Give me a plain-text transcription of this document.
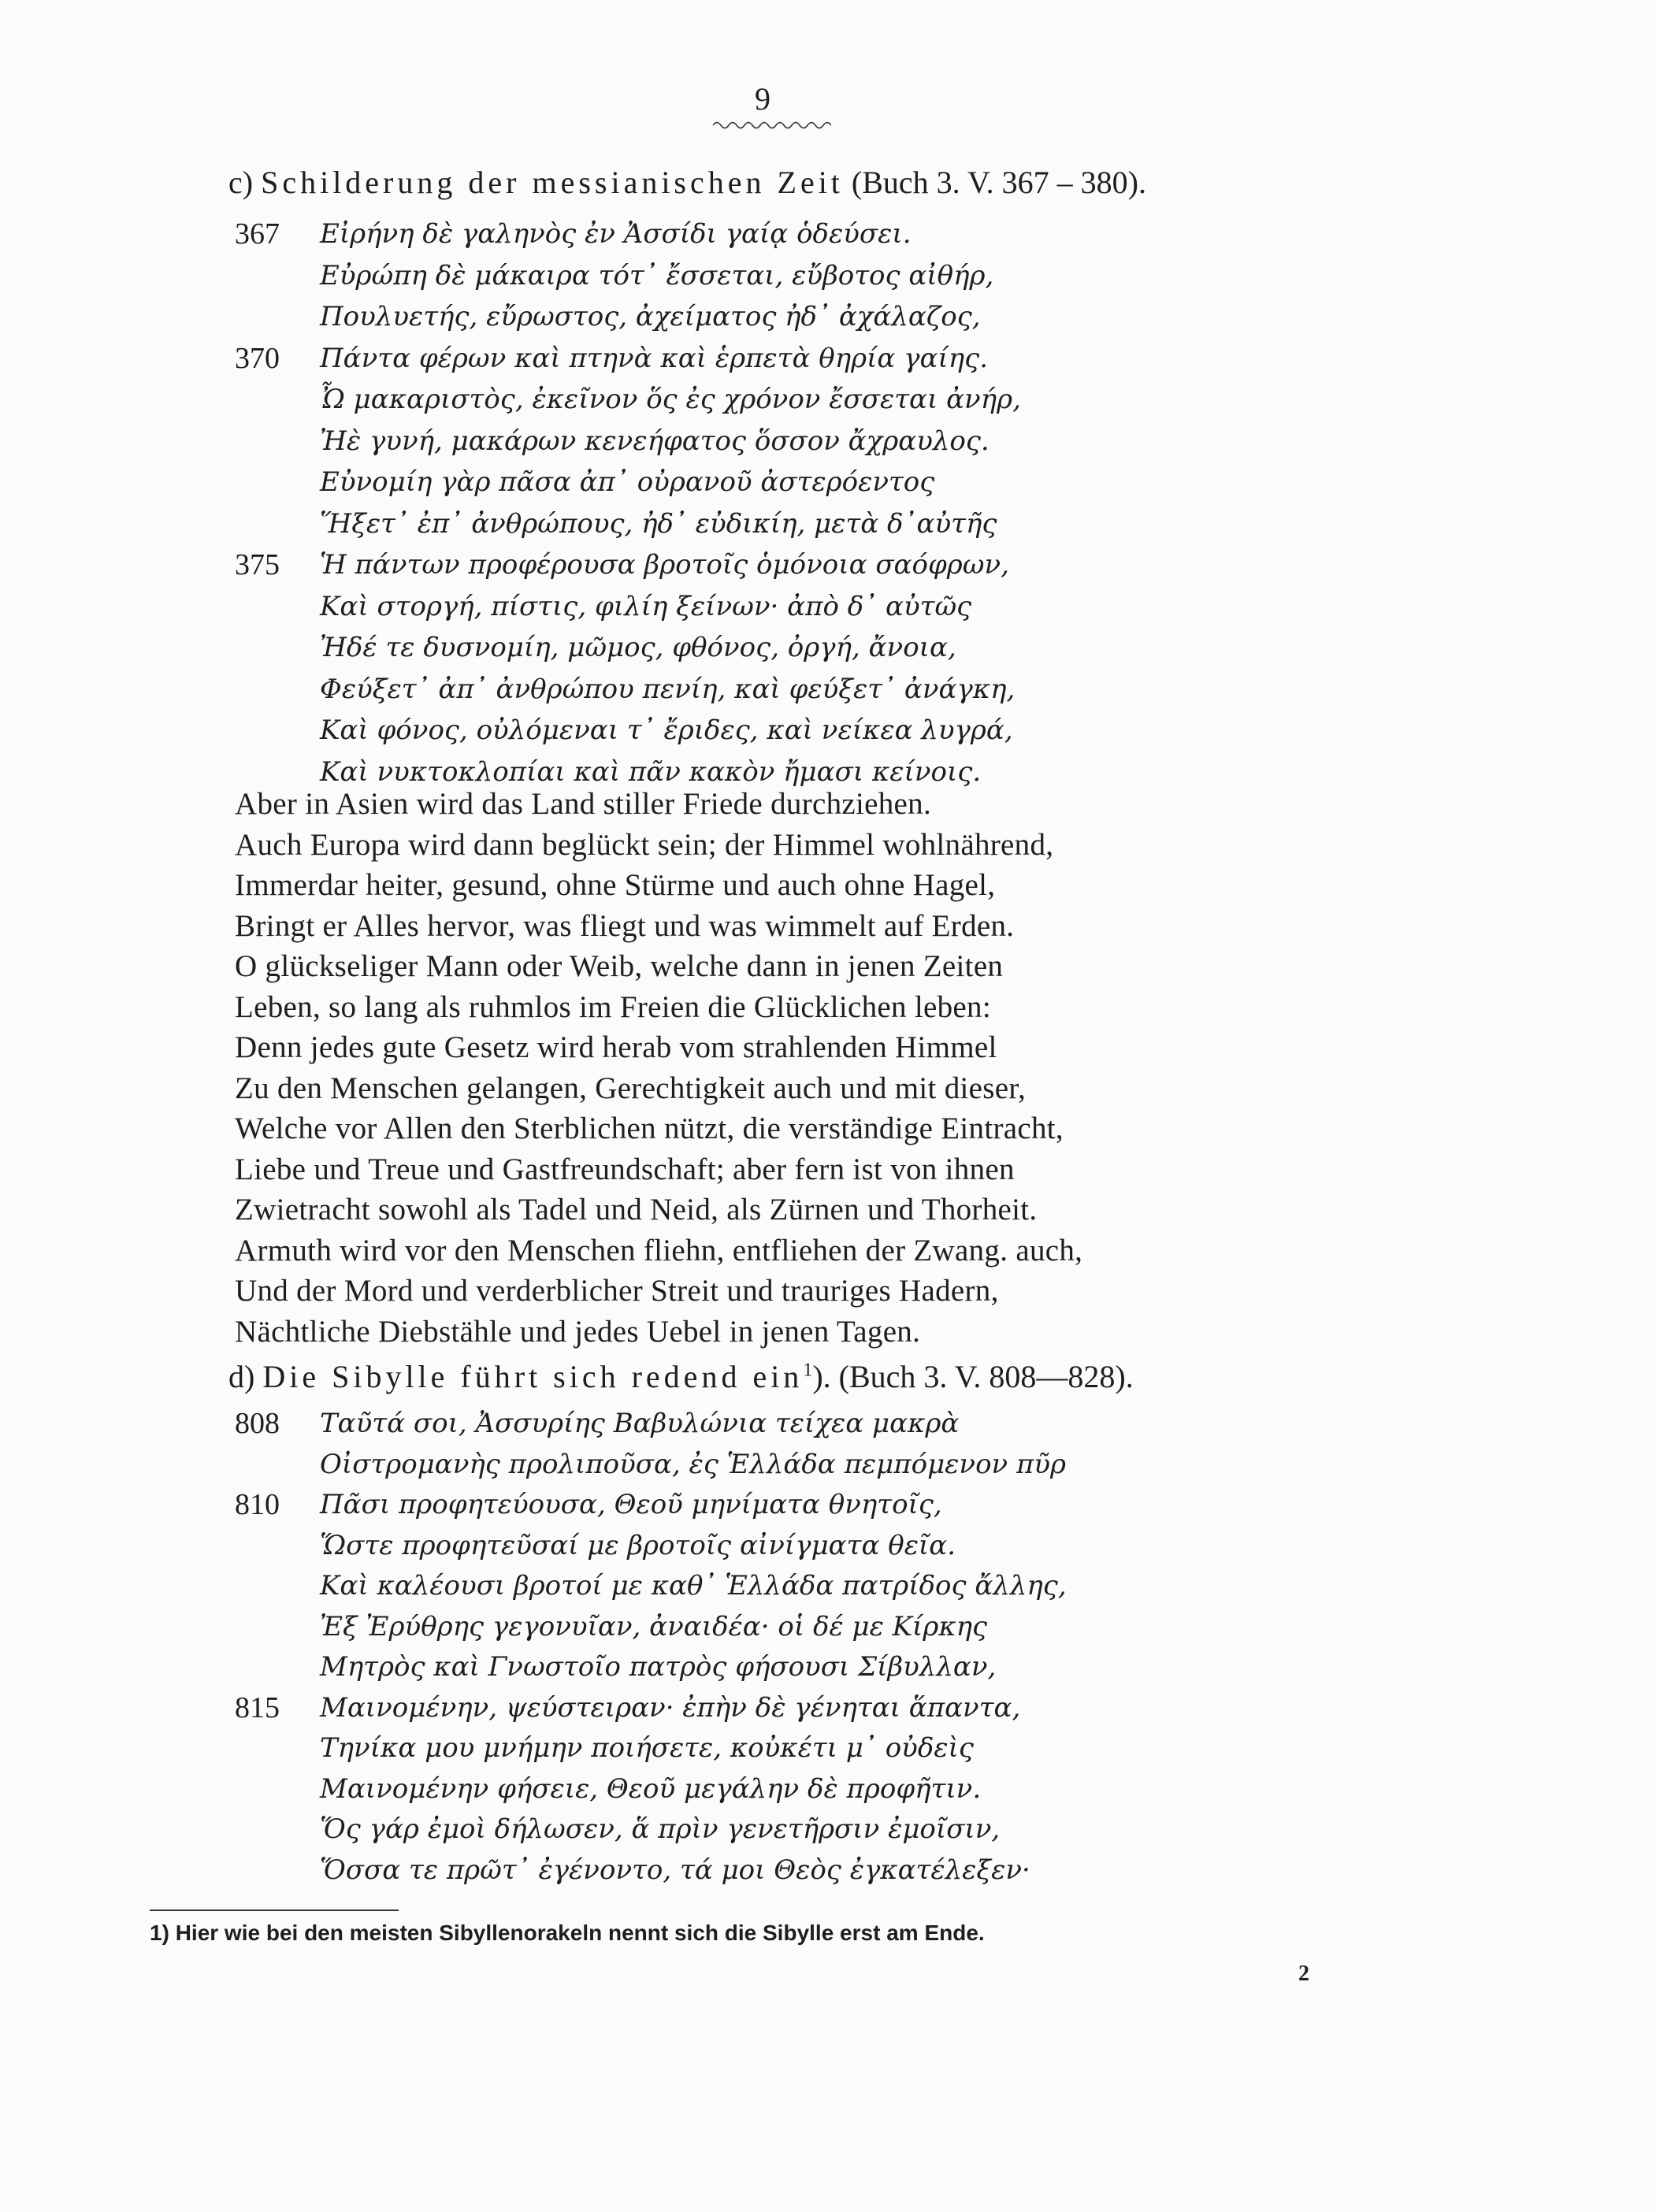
9
c) Schilderung der messianischen Zeit (Buch 3. V. 367 – 380).
367	Εἰρήνη δὲ γαληνὸς ἐν Ἀσσίδι γαίᾳ ὁδεύσει.
Εὐρώπη δὲ μάκαιρα τότ᾽ ἔσσεται, εὔβοτος αἰθήρ,
Πουλυετής, εὔρωστος, ἀχείματος ἠδ᾽ ἀχάλαζος,
370	Πάντα φέρων καὶ πτηνὰ καὶ ἑρπετὰ θηρία γαίης.
Ὦ μακαριστὸς, ἐκεῖνον ὅς ἐς χρόνον ἔσσεται ἀνήρ,
Ἠὲ γυνή, μακάρων κενεήφατος ὅσσον ἄχραυλος.
Εὐνομίη γὰρ πᾶσα ἀπ᾽ οὐρανοῦ ἀστερόεντος
Ἥξετ᾽ ἐπ᾽ ἀνθρώπους, ἠδ᾽ εὐδικίη, μετὰ δ᾽αὐτῆς
375	Ἡ πάντων προφέρουσα βροτοῖς ὁμόνοια σαόφρων,
Καὶ στοργή, πίστις, φιλίη ξείνων· ἀπὸ δ᾽ αὐτῶς
Ἠδέ τε δυσνομίη, μῶμος, φθόνος, ὀργή, ἄνοια,
Φεύξετ᾽ ἀπ᾽ ἀνθρώπου πενίη, καὶ φεύξετ᾽ ἀνάγκη,
Καὶ φόνος, οὐλόμεναι τ᾽ ἔριδες, καὶ νείκεα λυγρά,
Καὶ νυκτοκλοπίαι καὶ πᾶν κακὸν ἤμασι κείνοις.
Aber in Asien wird das Land stiller Friede durchziehen.
Auch Europa wird dann beglückt sein; der Himmel wohlnährend,
Immerdar heiter, gesund, ohne Stürme und auch ohne Hagel,
Bringt er Alles hervor, was fliegt und was wimmelt auf Erden.
O glückseliger Mann oder Weib, welche dann in jenen Zeiten
Leben, so lang als ruhmlos im Freien die Glücklichen leben:
Denn jedes gute Gesetz wird herab vom strahlenden Himmel
Zu den Menschen gelangen, Gerechtigkeit auch und mit dieser,
Welche vor Allen den Sterblichen nützt, die verständige Eintracht,
Liebe und Treue und Gastfreundschaft; aber fern ist von ihnen
Zwietracht sowohl als Tadel und Neid, als Zürnen und Thorheit.
Armuth wird vor den Menschen fliehn, entfliehen der Zwang. auch,
Und der Mord und verderblicher Streit und trauriges Hadern,
Nächtliche Diebstähle und jedes Uebel in jenen Tagen.
d) Die Sibylle führt sich redend ein$^1$). (Buch 3. V. 808—828).
808	Ταῦτά σοι, Ἀσσυρίης Βαβυλώνια τείχεα μακρὰ
Οἰστρομανὴς προλιποῦσα, ἐς Ἑλλάδα πεμπόμενον πῦρ
810	Πᾶσι προφητεύουσα, Θεοῦ μηνίματα θνητοῖς,
Ὥστε προφητεῦσαί με βροτοῖς αἰνίγματα θεῖα.
Καὶ καλέουσι βροτοί με καθ᾽ Ἑλλάδα πατρίδος ἄλλης,
Ἐξ Ἐρύθρης γεγονυῖαν, ἀναιδέα· οἱ δέ με Κίρκης
Μητρὸς καὶ Γνωστοῖο πατρὸς φήσουσι Σίβυλλαν,
815	Μαινομένην, ψεύστειραν· ἐπὴν δὲ γένηται ἅπαντα,
Τηνίκα μου μνήμην ποιήσετε, κοὐκέτι μ᾽ οὐδεὶς
Μαινομένην φήσειε, Θεοῦ μεγάλην δὲ προφῆτιν.
Ὅς γάρ ἐμοὶ δήλωσεν, ἅ πρὶν γενετῆρσιν ἐμοῖσιν,
Ὅσσα τε πρῶτ᾽ ἐγένοντο, τά μοι Θεὸς ἐγκατέλεξεν·
1) Hier wie bei den meisten Sibyllenorakeln nennt sich die Sibylle erst am Ende.
2
